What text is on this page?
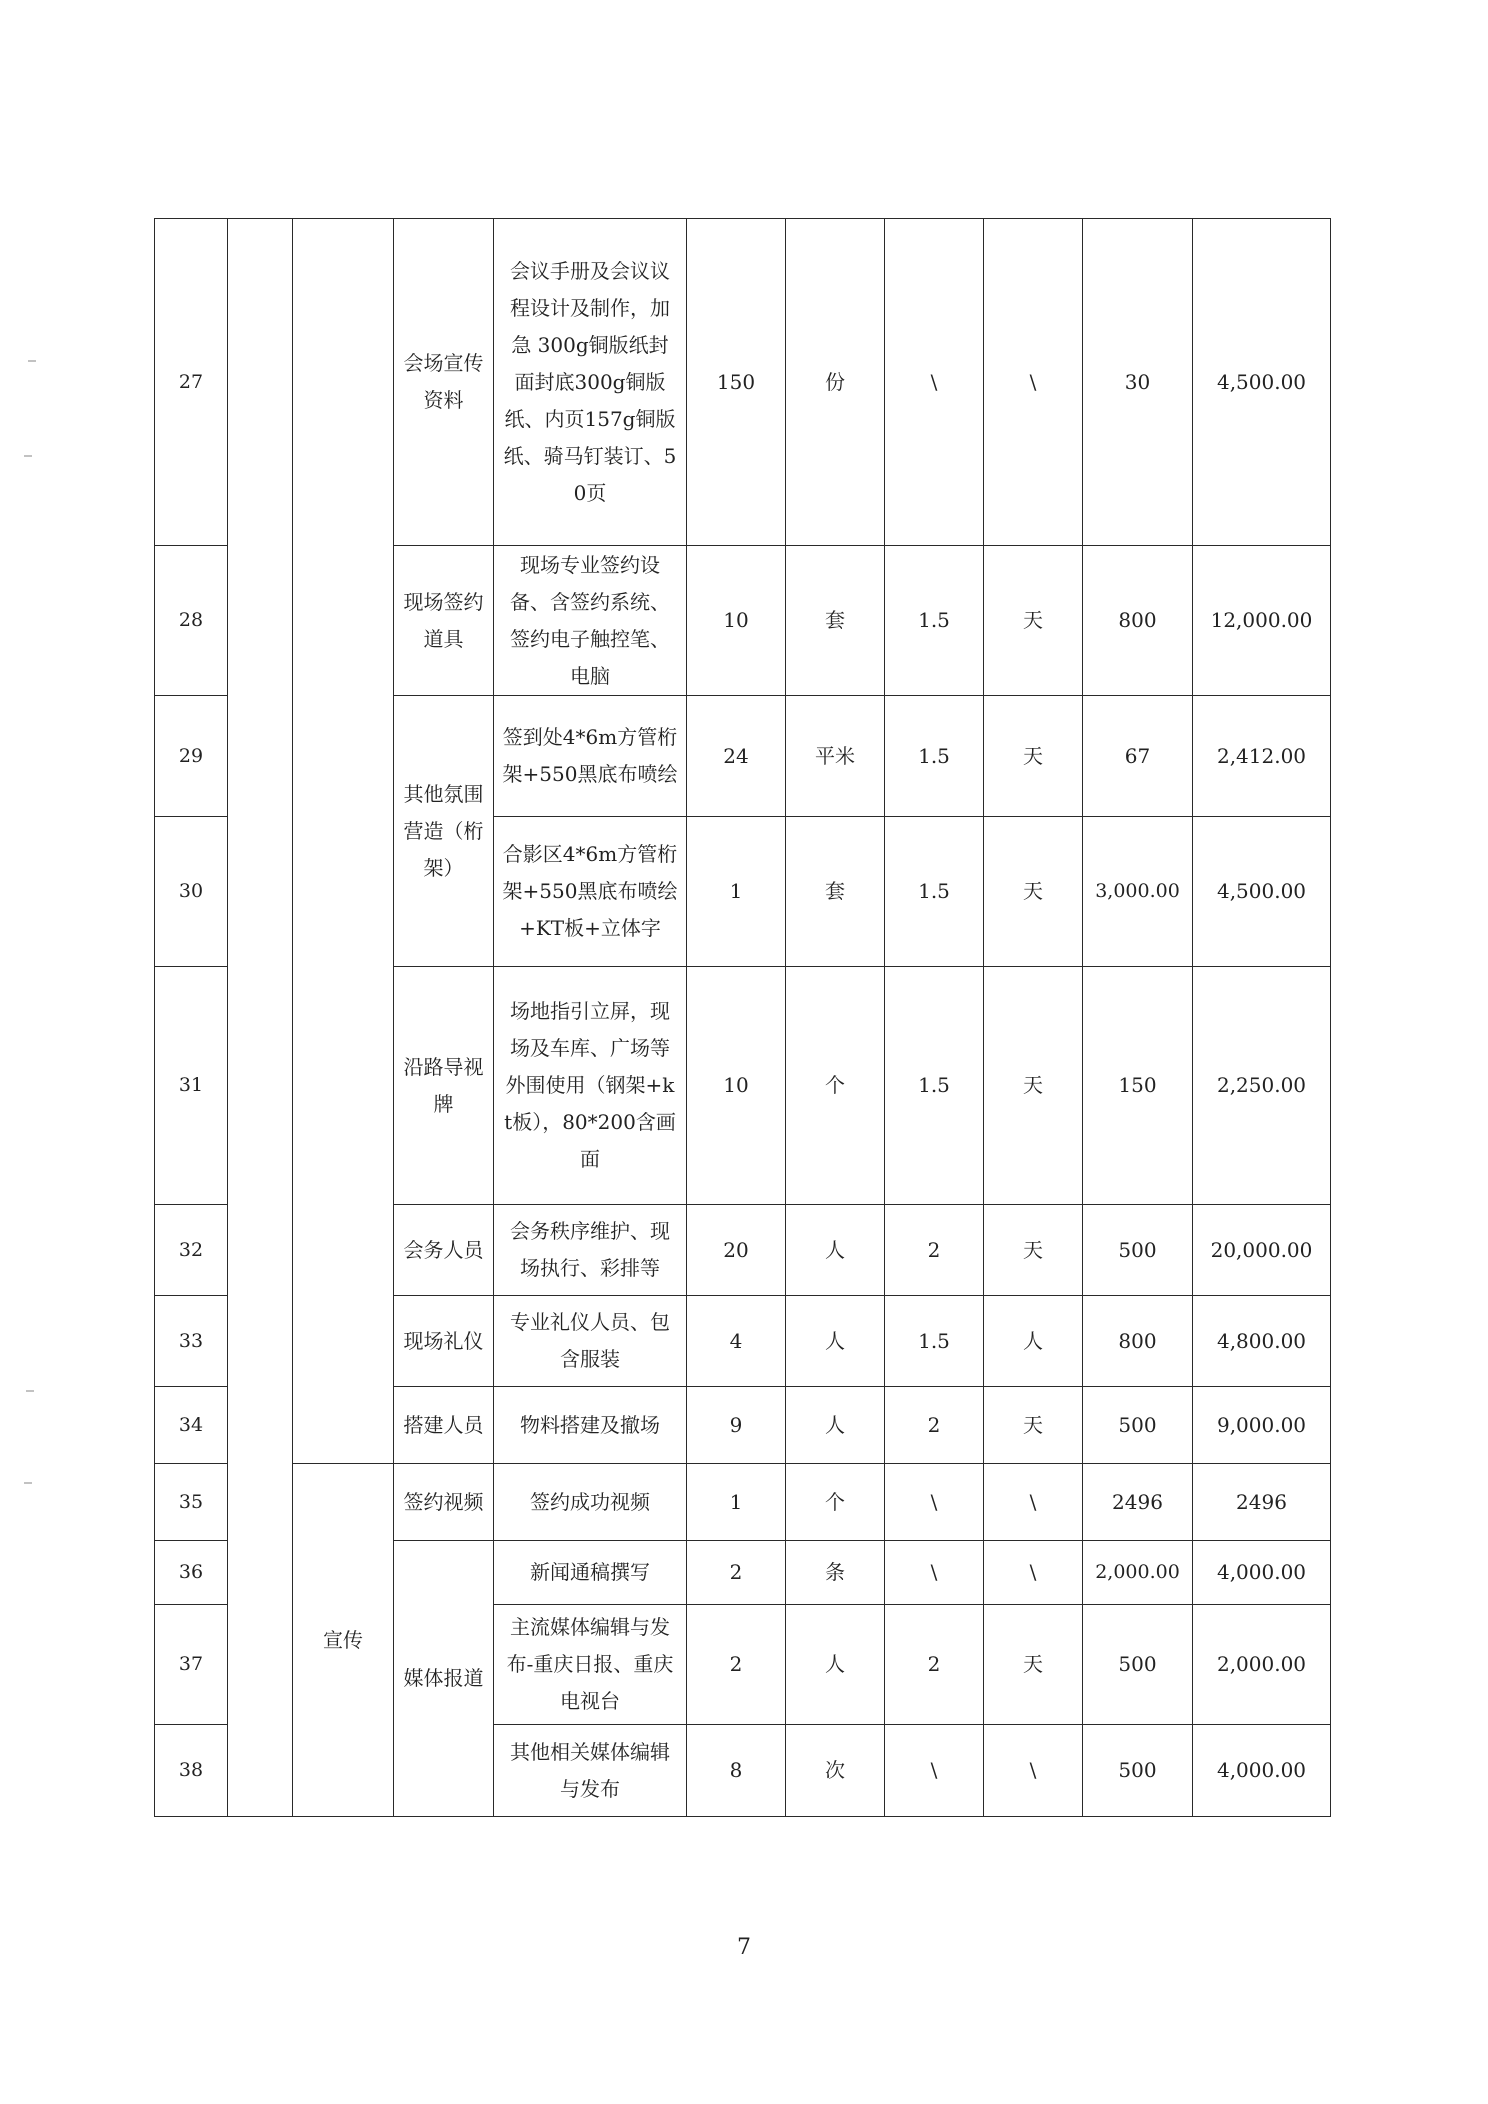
27			会场宣传资料	会议手册及会议议程设计及制作，加急 300g铜版纸封面封底300g铜版纸、内页157g铜版纸、骑马钉装订、50页	150	份	\	\	30	4,500.00
28			现场签约道具	现场专业签约设备、含签约系统、签约电子触控笔、电脑	10	套	1.5	天	800	12,000.00
29			其他氛围营造（桁架）	签到处4*6m方管桁架+550黑底布喷绘	24	平米	1.5	天	67	2,412.00
30				合影区4*6m方管桁架+550黑底布喷绘+KT板+立体字	1	套	1.5	天	3,000.00	4,500.00
31			沿路导视牌	场地指引立屏，现场及车库、广场等外围使用（钢架+kt板），80*200含画面	10	个	1.5	天	150	2,250.00
32			会务人员	会务秩序维护、现场执行、彩排等	20	人	2	天	500	20,000.00
33			现场礼仪	专业礼仪人员、包含服装	4	人	1.5	人	800	4,800.00
34			搭建人员	物料搭建及撤场	9	人	2	天	500	9,000.00
35		宣传	签约视频	签约成功视频	1	个	\	\	2496	2496
36			媒体报道	新闻通稿撰写	2	条	\	\	2,000.00	4,000.00
37				主流媒体编辑与发布-重庆日报、重庆电视台	2	人	2	天	500	2,000.00
38				其他相关媒体编辑与发布	8	次	\	\	500	4,000.00
7
